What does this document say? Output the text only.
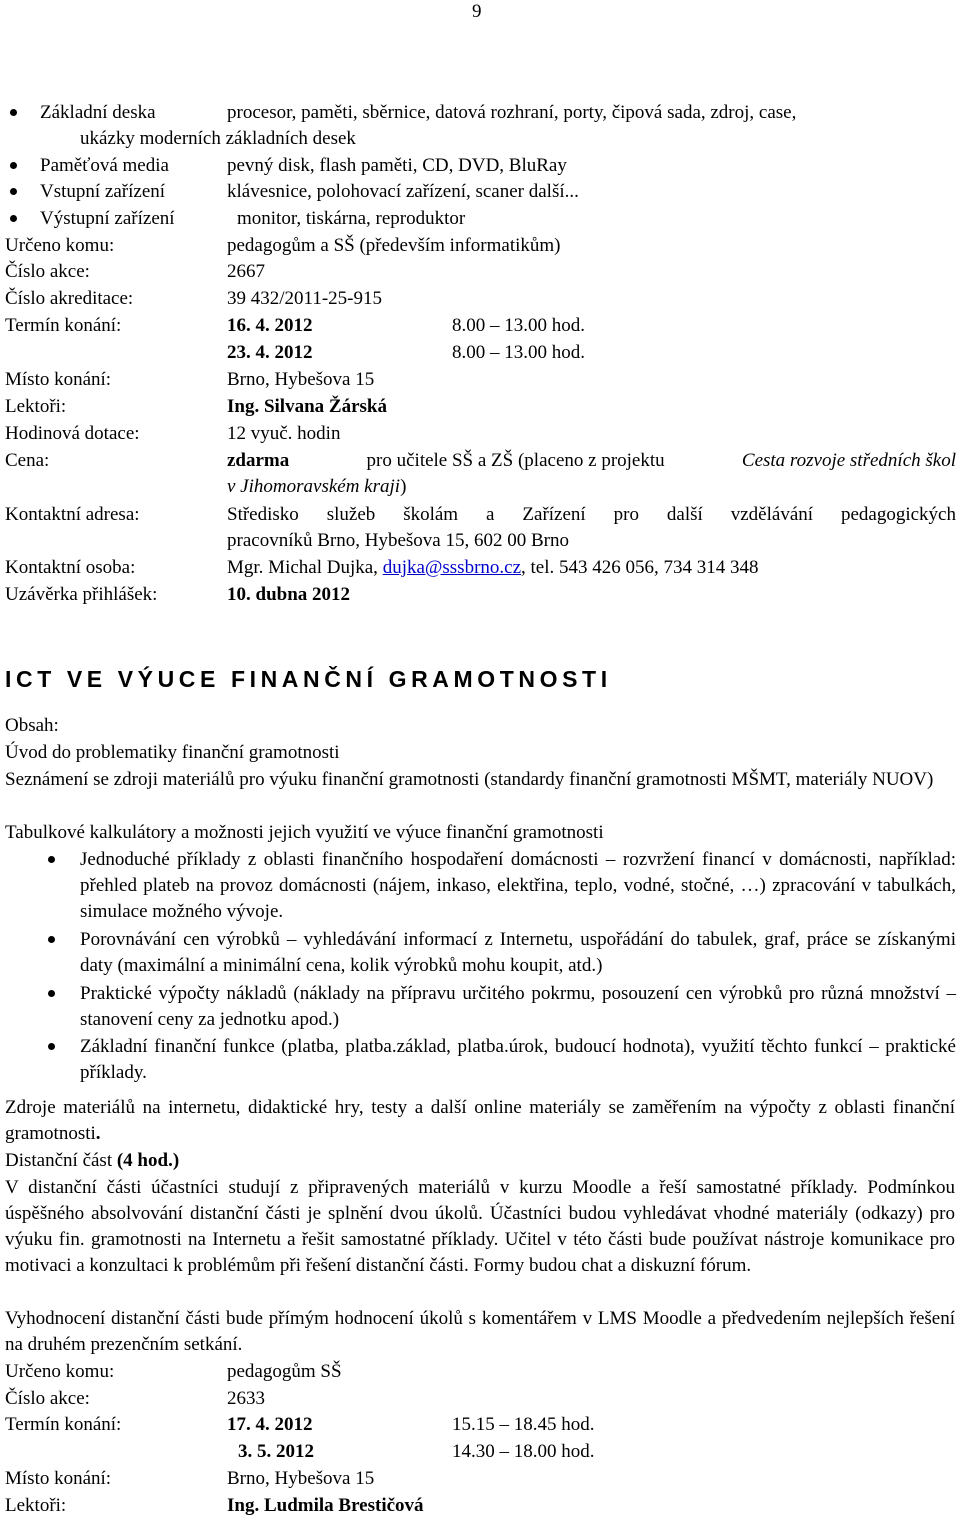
9
Základní deska	procesor, paměti, sběrnice, datová rozhraní, porty, čipová sada, zdroj, case,
ukázky moderních základních desek
Paměťová media	pevný disk, flash paměti, CD, DVD, BluRay
Vstupní zařízení	klávesnice, polohovací zařízení, scaner další...
Výstupní zařízení	monitor, tiskárna, reproduktor
Určeno komu:	pedagogům a SŠ (především informatikům)
Číslo akce:	2667
Číslo akreditace:	39 432/2011-25-915
Termín konání:	16. 4. 2012	8.00 – 13.00 hod.
23. 4. 2012	8.00 – 13.00 hod.
Místo konání:	Brno, Hybešova 15
Lektoři:	Ing. Silvana Žárská
Hodinová dotace:	12 vyuč. hodin
Cena:	zdarma	pro učitele SŠ a ZŠ (placeno z projektu	Cesta rozvoje středních škol
v Jihomoravském kraji)
Kontaktní adresa:	Středisko služeb školám a Zařízení pro další vzdělávání pedagogických
pracovníků Brno, Hybešova 15, 602 00 Brno
Kontaktní osoba:	Mgr. Michal Dujka, dujka@sssbrno.cz, tel. 543 426 056, 734 314 348
Uzávěrka přihlášek:	10. dubna 2012
ICT VE VÝUCE FINANČNÍ GRAMOTNOSTI
Obsah:
Úvod do problematiky finanční gramotnosti
Seznámení se zdroji materiálů pro výuku finanční gramotnosti (standardy finanční gramotnosti MŠMT, materiály NUOV)
Tabulkové kalkulátory a možnosti jejich využití ve výuce finanční gramotnosti
Jednoduché příklady z oblasti finančního hospodaření domácnosti – rozvržení financí v domácnosti, například: přehled plateb na provoz domácnosti (nájem, inkaso, elektřina, teplo, vodné, stočné, …) zpracování v tabulkách, simulace možného vývoje.
Porovnávání cen výrobků – vyhledávání informací z Internetu, uspořádání do tabulek, graf, práce se získanými daty (maximální a minimální cena, kolik výrobků mohu koupit, atd.)
Praktické výpočty nákladů (náklady na přípravu určitého pokrmu, posouzení cen výrobků pro různá množství – stanovení ceny za jednotku apod.)
Základní finanční funkce (platba, platba.základ, platba.úrok, budoucí hodnota), využití těchto funkcí – praktické příklady.
Zdroje materiálů na internetu, didaktické hry, testy a další online materiály se zaměřením na výpočty z oblasti finanční gramotnosti.
Distanční část (4 hod.)
V distanční části účastníci studují z připravených materiálů v kurzu Moodle a řeší samostatné příklady. Podmínkou úspěšného absolvování distanční části je splnění dvou úkolů. Účastníci budou vyhledávat vhodné materiály (odkazy) pro výuku fin. gramotnosti na Internetu a řešit samostatné příklady. Učitel v této části bude používat nástroje komunikace pro motivaci a konzultaci k problémům při řešení distanční části. Formy budou chat a diskuzní fórum.
Vyhodnocení distanční části bude přímým hodnocení úkolů s komentářem v LMS Moodle a předvedením nejlepších řešení na druhém prezenčním setkání.
Určeno komu:	pedagogům SŠ
Číslo akce:	2633
Termín konání:	17. 4. 2012	15.15 – 18.45 hod.
3. 5. 2012	14.30 – 18.00 hod.
Místo konání:	Brno, Hybešova 15
Lektoři:	Ing. Ludmila Brestičová
